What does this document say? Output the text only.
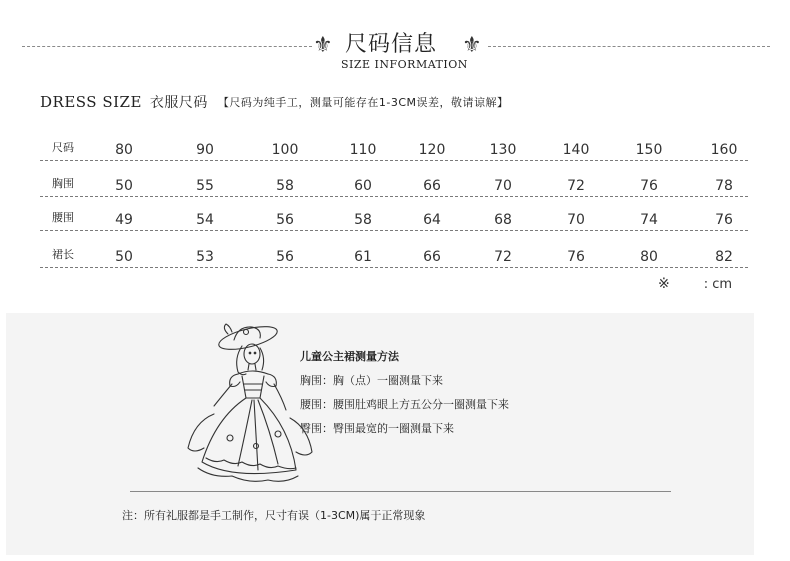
⚜	⚜
尺码信息
SIZE INFORMATION
DRESS SIZE 衣服尺码 【尺码为纯手工，测量可能存在1-3CM误差，敬请谅解】
尺码	80	90	100	110	120	130	140	150	160
胸围	50	55	58	60	66	70	72	76	78
腰围	49	54	56	58	64	68	70	74	76
裙长	50	53	56	61	66	72	76	80	82
※	: cm
儿童公主裙测量方法
胸围：胸（点）一圈测量下来
腰围：腰围肚鸡眼上方五公分一圈测量下来
臀围：臀围最宽的一圈测量下来
注：所有礼服都是手工制作，尺寸有误（1-3CM)属于正常现象
